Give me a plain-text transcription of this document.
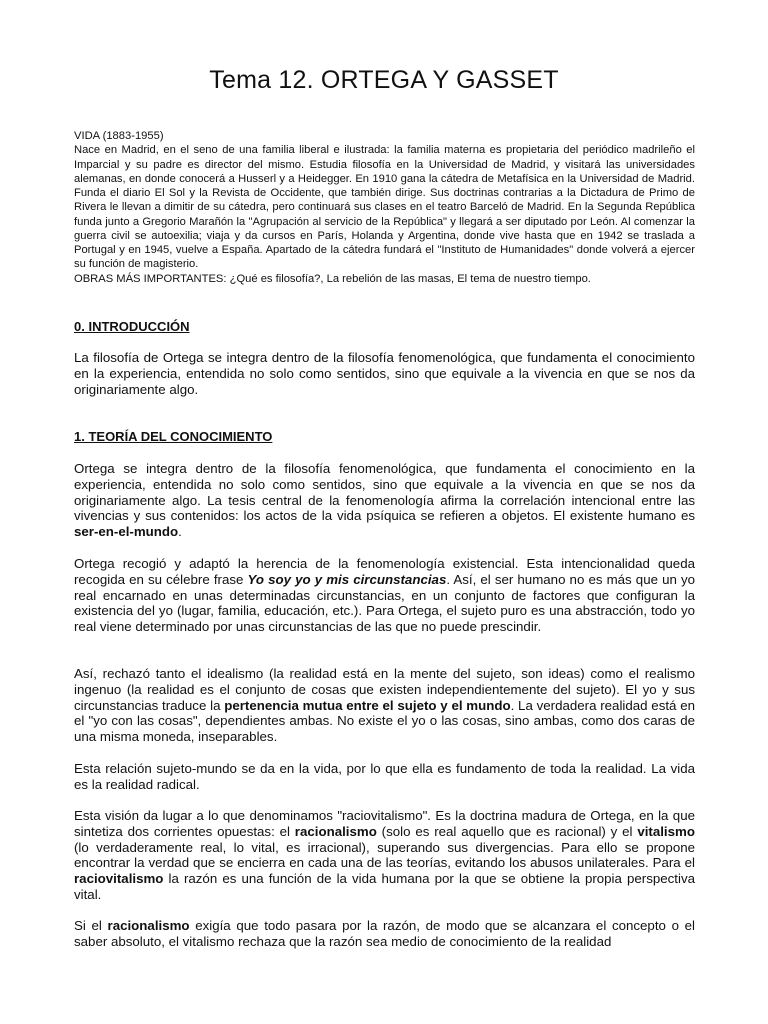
Tema 12. ORTEGA Y GASSET

VIDA (1883-1955)

Nace en Madrid, en el seno de una familia liberal e ilustrada: la familia materna es propietaria del periódico madrileño el Imparcial y su padre es director del mismo. Estudia filosofía en la Universidad de Madrid, y visitará las universidades alemanas, en donde conocerá a Husserl y a Heidegger. En 1910 gana la cátedra de Metafísica en la Universidad de Madrid. Funda el diario El Sol y la Revista de Occidente, que también dirige. Sus doctrinas contrarias a la Dictadura de Primo de Rivera le llevan a dimitir de su cátedra, pero continuará sus clases en el teatro Barceló de Madrid. En la Segunda República funda junto a Gregorio Marañón la "Agrupación al servicio de la República" y llegará a ser diputado por León. Al comenzar la guerra civil se autoexilia; viaja y da cursos en París, Holanda y Argentina, donde vive hasta que en 1942 se traslada a Portugal y en 1945, vuelve a España. Apartado de la cátedra fundará el "Instituto de Humanidades" donde volverá a ejercer su función de magisterio.

OBRAS MÁS IMPORTANTES: ¿Qué es filosofía?, La rebelión de las masas, El tema de nuestro tiempo.

0. INTRODUCCIÓN

La filosofía de Ortega se integra dentro de la filosofía fenomenológica, que fundamenta el conocimiento en la experiencia, entendida no solo como sentidos, sino que equivale a la vivencia en que se nos da originariamente algo.

1. TEORÍA DEL CONOCIMIENTO

Ortega se integra dentro de la filosofía fenomenológica, que fundamenta el conocimiento en la experiencia, entendida no solo como sentidos, sino que equivale a la vivencia en que se nos da originariamente algo. La tesis central de la fenomenología afirma la correlación intencional entre las vivencias y sus contenidos: los actos de la vida psíquica se refieren a objetos. El existente humano es ser-en-el-mundo.

Ortega recogió y adaptó la herencia de la fenomenología existencial. Esta intencionalidad queda recogida en su célebre frase Yo soy yo y mis circunstancias. Así, el ser humano no es más que un yo real encarnado en unas determinadas circunstancias, en un conjunto de factores que configuran la existencia del yo (lugar, familia, educación, etc.). Para Ortega, el sujeto puro es una abstracción, todo yo real viene determinado por unas circunstancias de las que no puede prescindir.

Así, rechazó tanto el idealismo (la realidad está en la mente del sujeto, son ideas) como el realismo ingenuo (la realidad es el conjunto de cosas que existen independientemente del sujeto). El yo y sus circunstancias traduce la pertenencia mutua entre el sujeto y el mundo. La verdadera realidad está en el "yo con las cosas", dependientes ambas. No existe el yo o las cosas, sino ambas, como dos caras de una misma moneda, inseparables.

Esta relación sujeto-mundo se da en la vida, por lo que ella es fundamento de toda la realidad. La vida es la realidad radical.

Esta visión da lugar a lo que denominamos "raciovitalismo". Es la doctrina madura de Ortega, en la que sintetiza dos corrientes opuestas: el racionalismo (solo es real aquello que es racional) y el vitalismo (lo verdaderamente real, lo vital, es irracional), superando sus divergencias. Para ello se propone encontrar la verdad que se encierra en cada una de las teorías, evitando los abusos unilaterales. Para el raciovitalismo la razón es una función de la vida humana por la que se obtiene la propia perspectiva vital.

Si el racionalismo exigía que todo pasara por la razón, de modo que se alcanzara el concepto o el saber absoluto, el vitalismo rechaza que la razón sea medio de conocimiento de la realidad
